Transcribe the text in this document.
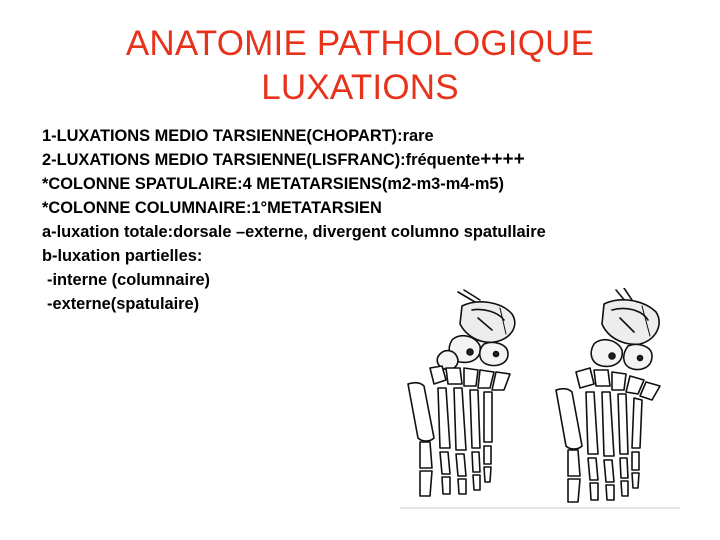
ANATOMIE PATHOLOGIQUE
LUXATIONS
1-LUXATIONS MEDIO TARSIENNE(CHOPART):rare
2-LUXATIONS MEDIO TARSIENNE(LISFRANC):fréquente++++
*COLONNE SPATULAIRE:4 METATARSIENS(m2-m3-m4-m5)
*COLONNE COLUMNAIRE:1°METATARSIEN
a-luxation totale:dorsale –externe, divergent columno spatullaire
b-luxation partielles:
-interne (columnaire)
-externe(spatulaire)
